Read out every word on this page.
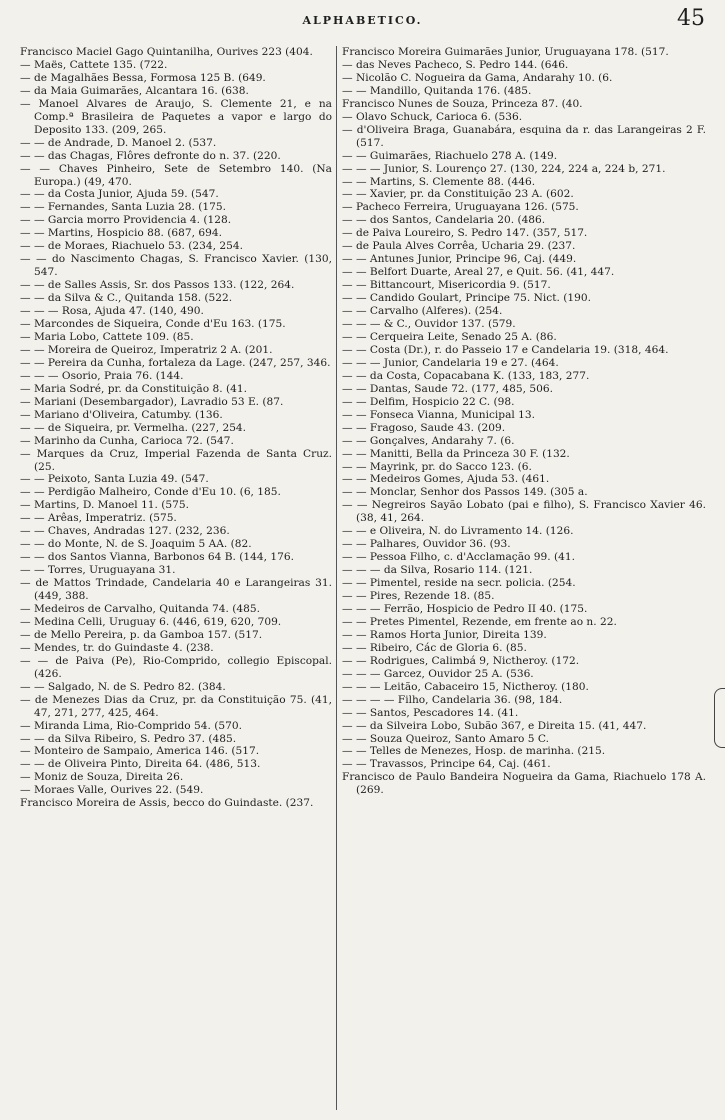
ALPHABETICO.	45
Francisco Maciel Gago Quintanilha, Ourives 223 (404.
— Maës, Cattete 135. (722.
— de Magalhães Bessa, Formosa 125 B. (649.
— da Maia Guimarães, Alcantara 16. (638.
— Manoel Alvares de Araujo, S. Clemente 21, e na Comp.ª Brasileira de Paquetes a vapor e largo do Deposito 133. (209, 265.
— — de Andrade, D. Manoel 2. (537.
— — das Chagas, Flôres defronte do n. 37. (220.
— — Chaves Pinheiro, Sete de Setembro 140. (Na Europa.) (49, 470.
— — da Costa Junior, Ajuda 59. (547.
— — Fernandes, Santa Luzia 28. (175.
— — Garcia morro Providencia 4. (128.
— — Martins, Hospicio 88. (687, 694.
— — de Moraes, Riachuelo 53. (234, 254.
— — do Nascimento Chagas, S. Francisco Xavier. (130, 547.
— — de Salles Assis, Sr. dos Passos 133. (122, 264.
— — da Silva & C., Quitanda 158. (522.
— — — Rosa, Ajuda 47. (140, 490.
— Marcondes de Siqueira, Conde d'Eu 163. (175.
— Maria Lobo, Cattete 109. (85.
— — Moreira de Queiroz, Imperatriz 2 A. (201.
— — Pereira da Cunha, fortaleza da Lage. (247, 257, 346.
— — — Osorio, Praia 76. (144.
— Maria Sodré, pr. da Constituição 8. (41.
— Mariani (Desembargador), Lavradio 53 E. (87.
— Mariano d'Oliveira, Catumby. (136.
— — de Siqueira, pr. Vermelha. (227, 254.
— Marinho da Cunha, Carioca 72. (547.
— Marques da Cruz, Imperial Fazenda de Santa Cruz. (25.
— — Peixoto, Santa Luzia 49. (547.
— — Perdigão Malheiro, Conde d'Eu 10. (6, 185.
— Martins, D. Manoel 11. (575.
— — Arêas, Imperatriz. (575.
— — Chaves, Andradas 127. (232, 236.
— — do Monte, N. de S. Joaquim 5 AA. (82.
— — dos Santos Vianna, Barbonos 64 B. (144, 176.
— — Torres, Uruguayana 31.
— de Mattos Trindade, Candelaria 40 e Larangeiras 31. (449, 388.
— Medeiros de Carvalho, Quitanda 74. (485.
— Medina Celli, Uruguay 6. (446, 619, 620, 709.
— de Mello Pereira, p. da Gamboa 157. (517.
— Mendes, tr. do Guindaste 4. (238.
— — de Paiva (Pe), Rio-Comprido, collegio Episcopal. (426.
— — Salgado, N. de S. Pedro 82. (384.
— de Menezes Dias da Cruz, pr. da Constituição 75. (41, 47, 271, 277, 425, 464.
— Miranda Lima, Rio-Comprido 54. (570.
— — da Silva Ribeiro, S. Pedro 37. (485.
— Monteiro de Sampaio, America 146. (517.
— — de Oliveira Pinto, Direita 64. (486, 513.
— Moniz de Souza, Direita 26.
— Moraes Valle, Ourives 22. (549.
Francisco Moreira de Assis, becco do Guindaste. (237.
Francisco Moreira Guimarães Junior, Uruguayana 178. (517.
— das Neves Pacheco, S. Pedro 144. (646.
— Nicolão C. Nogueira da Gama, Andarahy 10. (6.
— — Mandillo, Quitanda 176. (485.
Francisco Nunes de Souza, Princeza 87. (40.
— Olavo Schuck, Carioca 6. (536.
— d'Oliveira Braga, Guanabára, esquina da r. das Larangeiras 2 F. (517.
— — Guimarães, Riachuelo 278 A. (149.
— — — Junior, S. Lourenço 27. (130, 224, 224 a, 224 b, 271.
— — Martins, S. Clemente 88. (446.
— — Xavier, pr. da Constituição 23 A. (602.
— Pacheco Ferreira, Uruguayana 126. (575.
— — dos Santos, Candelaria 20. (486.
— de Paiva Loureiro, S. Pedro 147. (357, 517.
— de Paula Alves Corrêa, Ucharia 29. (237.
— — Antunes Junior, Principe 96, Caj. (449.
— — Belfort Duarte, Areal 27, e Quit. 56. (41, 447.
— — Bittancourt, Misericordia 9. (517.
— — Candido Goulart, Principe 75. Nict. (190.
— — Carvalho (Alferes). (254.
— — — & C., Ouvidor 137. (579.
— — Cerqueira Leite, Senado 25 A. (86.
— — Costa (Dr.), r. do Passeio 17 e Candelaria 19. (318, 464.
— — — Junior, Candelaria 19 e 27. (464.
— — da Costa, Copacabana K. (133, 183, 277.
— — Dantas, Saude 72. (177, 485, 506.
— — Delfim, Hospicio 22 C. (98.
— — Fonseca Vianna, Municipal 13.
— — Fragoso, Saude 43. (209.
— — Gonçalves, Andarahy 7. (6.
— — Manitti, Bella da Princeza 30 F. (132.
— — Mayrink, pr. do Sacco 123. (6.
— — Medeiros Gomes, Ajuda 53. (461.
— — Monclar, Senhor dos Passos 149. (305 a.
— — Negreiros Sayão Lobato (pai e filho), S. Francisco Xavier 46. (38, 41, 264.
— — e Oliveira, N. do Livramento 14. (126.
— — Palhares, Ouvidor 36. (93.
— — Pessoa Filho, c. d'Acclamação 99. (41.
— — — da Silva, Rosario 114. (121.
— — Pimentel, reside na secr. policia. (254.
— — Pires, Rezende 18. (85.
— — — Ferrão, Hospicio de Pedro II 40. (175.
— — Pretes Pimentel, Rezende, em frente ao n. 22.
— — Ramos Horta Junior, Direita 139.
— — Ribeiro, Các de Gloria 6. (85.
— — Rodrigues, Calimbá 9, Nictheroy. (172.
— — — Garcez, Ouvidor 25 A. (536.
— — — Leitão, Cabaceiro 15, Nictheroy. (180.
— — — — Filho, Candelaria 36. (98, 184.
— — Santos, Pescadores 14. (41.
— — da Silveira Lobo, Subão 367, e Direita 15. (41, 447.
— — Souza Queiroz, Santo Amaro 5 C.
— — Telles de Menezes, Hosp. de marinha. (215.
— — Travassos, Principe 64, Caj. (461.
Francisco de Paulo Bandeira Nogueira da Gama, Riachuelo 178 A. (269.
